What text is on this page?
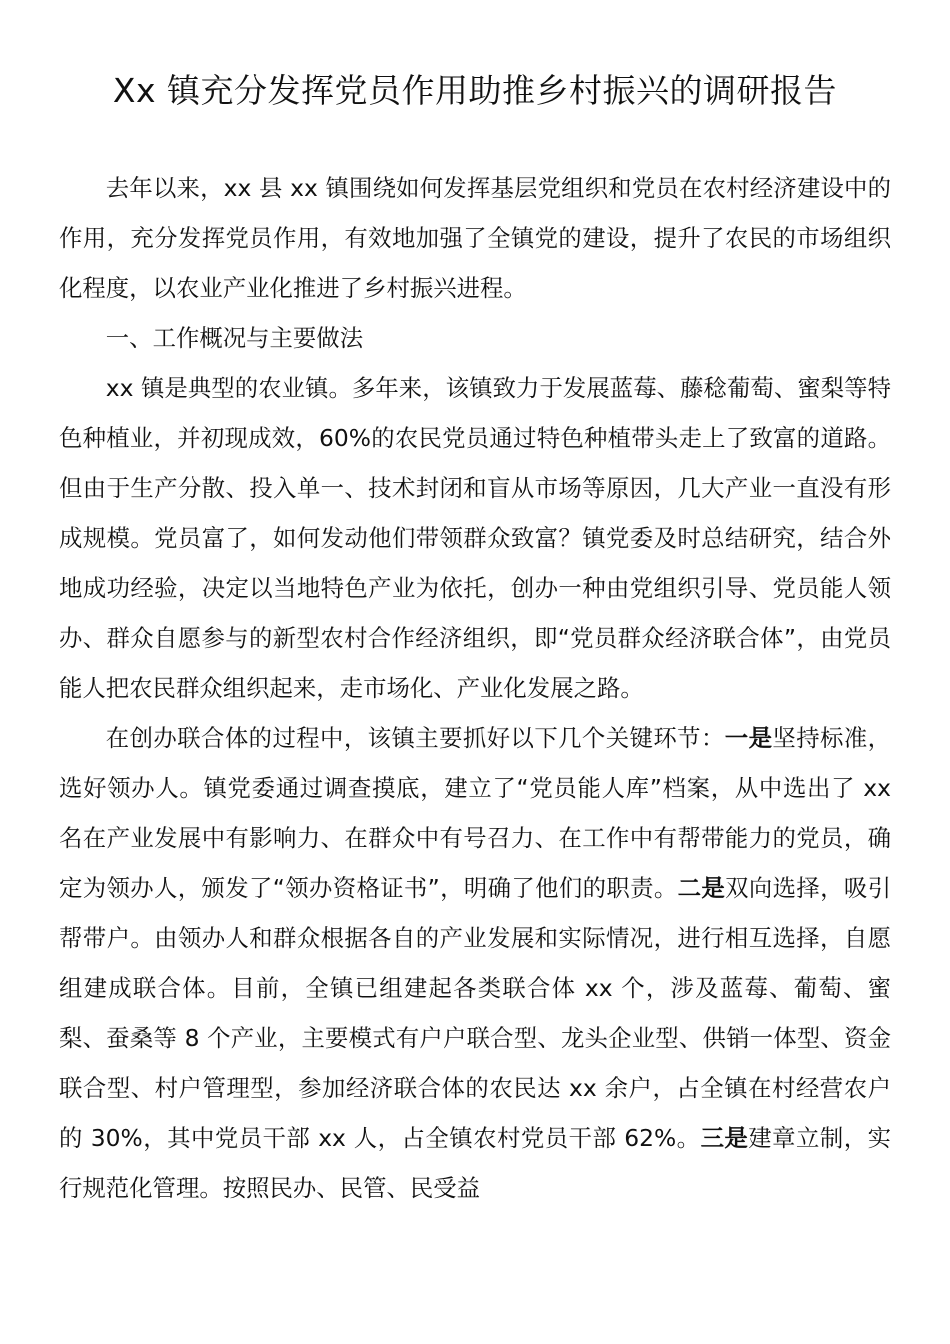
Xx 镇充分发挥党员作用助推乡村振兴的调研报告

去年以来，xx 县 xx 镇围绕如何发挥基层党组织和党员在农村经济建设中的作用，充分发挥党员作用，有效地加强了全镇党的建设，提升了农民的市场组织化程度，以农业产业化推进了乡村振兴进程。

一、工作概况与主要做法

xx 镇是典型的农业镇。多年来，该镇致力于发展蓝莓、藤稔葡萄、蜜梨等特色种植业，并初现成效，60%的农民党员通过特色种植带头走上了致富的道路。但由于生产分散、投入单一、技术封闭和盲从市场等原因，几大产业一直没有形成规模。党员富了，如何发动他们带领群众致富？镇党委及时总结研究，结合外地成功经验，决定以当地特色产业为依托，创办一种由党组织引导、党员能人领办、群众自愿参与的新型农村合作经济组织，即“党员群众经济联合体”，由党员能人把农民群众组织起来，走市场化、产业化发展之路。

在创办联合体的过程中，该镇主要抓好以下几个关键环节：一是坚持标准，选好领办人。镇党委通过调查摸底，建立了“党员能人库”档案，从中选出了 xx 名在产业发展中有影响力、在群众中有号召力、在工作中有帮带能力的党员，确定为领办人，颁发了“领办资格证书”，明确了他们的职责。二是双向选择，吸引帮带户。由领办人和群众根据各自的产业发展和实际情况，进行相互选择，自愿组建成联合体。目前，全镇已组建起各类联合体 xx 个，涉及蓝莓、葡萄、蜜梨、蚕桑等 8 个产业，主要模式有户户联合型、龙头企业型、供销一体型、资金联合型、村户管理型，参加经济联合体的农民达 xx 余户，占全镇在村经营农户的 30%，其中党员干部 xx 人，占全镇农村党员干部 62%。三是建章立制，实行规范化管理。按照民办、民管、民受益
